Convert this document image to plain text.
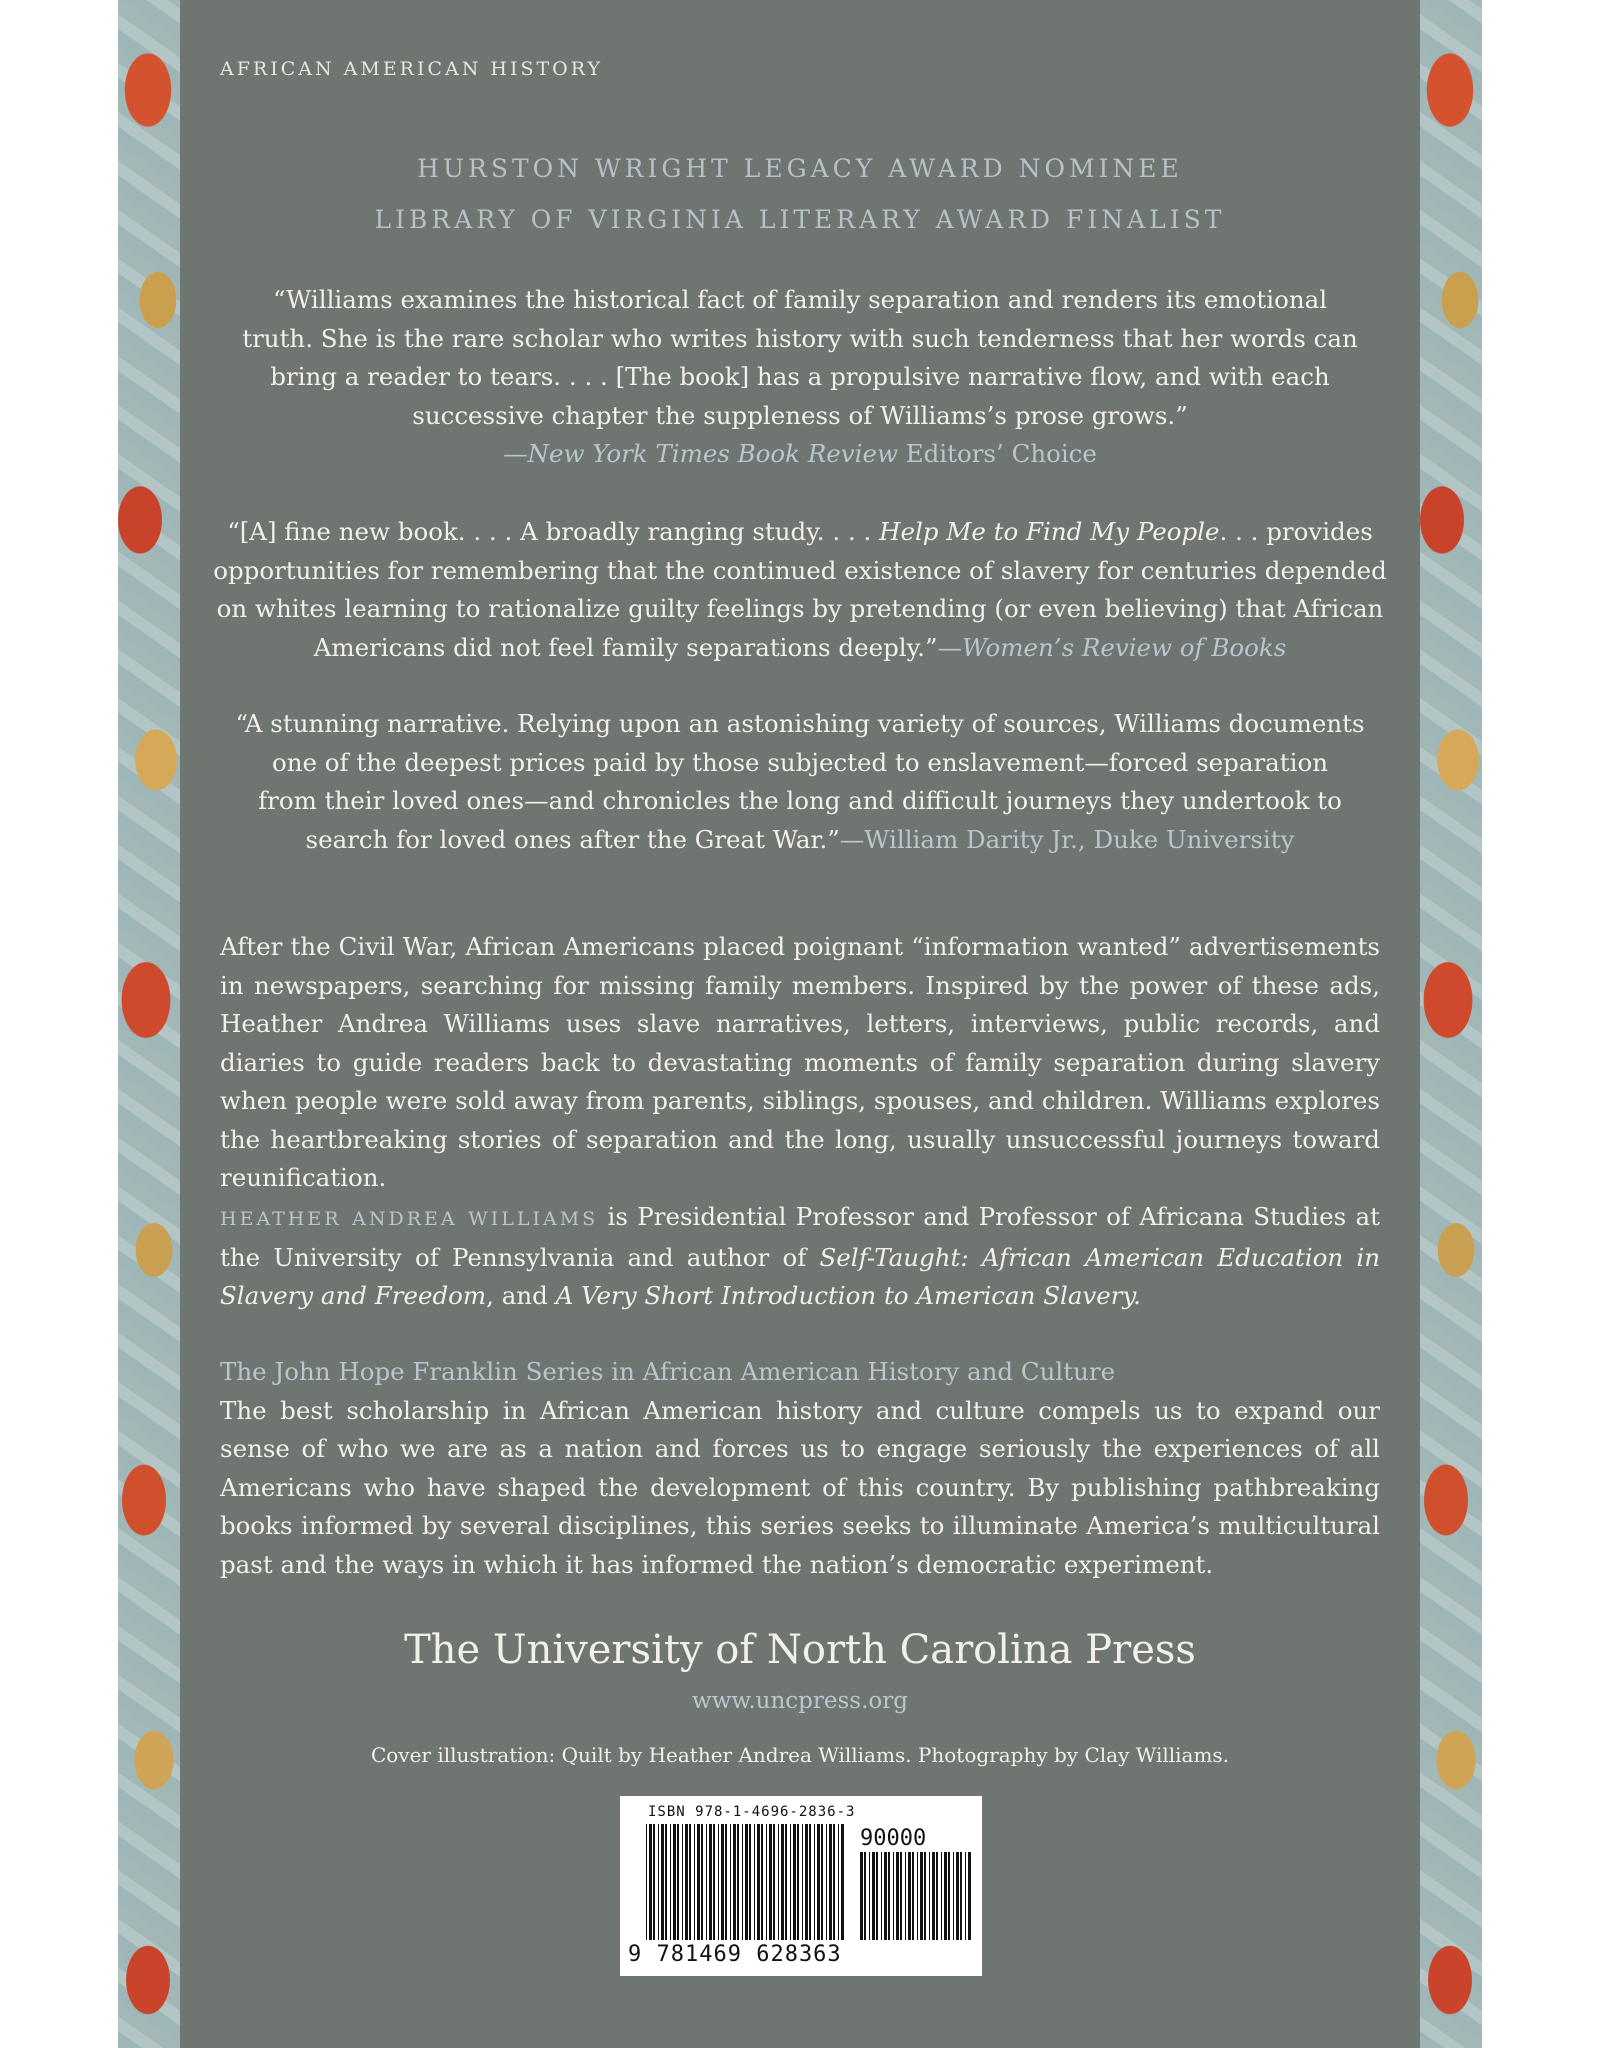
AFRICAN AMERICAN HISTORY

HURSTON WRIGHT LEGACY AWARD NOMINEE

LIBRARY OF VIRGINIA LITERARY AWARD FINALIST

“Williams examines the historical fact of family separation and renders its emotional
truth. She is the rare scholar who writes history with such tenderness that her words can
bring a reader to tears. . . . [The book] has a propulsive narrative flow, and with each
successive chapter the suppleness of Williams’s prose grows.”
—New York Times Book Review Editors’ Choice
“[A] fine new book. . . . A broadly ranging study. . . . Help Me to Find My People. . . provides
opportunities for remembering that the continued existence of slavery for centuries depended
on whites learning to rationalize guilty feelings by pretending (or even believing) that African
Americans did not feel family separations deeply.”—Women’s Review of Books
“A stunning narrative. Relying upon an astonishing variety of sources, Williams documents
one of the deepest prices paid by those subjected to enslavement—forced separation
from their loved ones—and chronicles the long and difficult journeys they undertook to
search for loved ones after the Great War.”—William Darity Jr., Duke University

After the Civil War, African Americans placed poignant “information wanted” advertisements in newspapers, searching for missing family members. Inspired by the power of these ads, Heather Andrea Williams uses slave narratives, letters, interviews, public records, and diaries to guide readers back to devastating moments of family separation during slavery when people were sold away from parents, siblings, spouses, and children. Williams explores the heartbreaking stories of separation and the long, usually unsuccessful journeys toward reunification.

HEATHER ANDREA WILLIAMS is Presidential Professor and Professor of Africana Studies at the University of Pennsylvania and author of Self-Taught: African American Education in Slavery and Freedom, and A Very Short Introduction to American Slavery.

The John Hope Franklin Series in African American History and Culture
The best scholarship in African American history and culture compels us to expand our sense of who we are as a nation and forces us to engage seriously the experiences of all Americans who have shaped the development of this country. By publishing pathbreaking books informed by several disciplines, this series seeks to illuminate America’s multicultural past and the ways in which it has informed the nation’s democratic experiment.

The University of North Carolina Press

www.uncpress.org

Cover illustration: Quilt by Heather Andrea Williams. Photography by Clay Williams.

ISBN 978-1-4696-2836-3
90000
9 781469 628363
